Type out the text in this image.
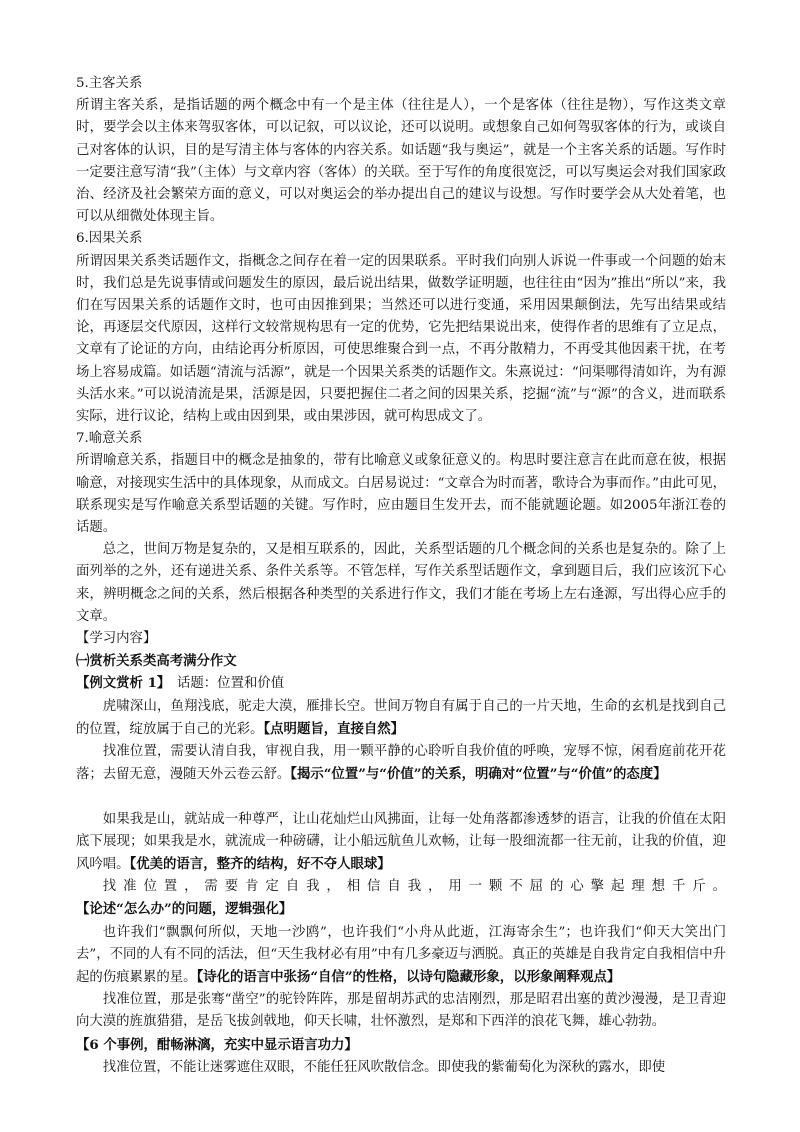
5.主客关系

所谓主客关系，是指话题的两个概念中有一个是主体（往往是人），一个是客体（往往是物），写作这类文章时，要学会以主体来驾驭客体，可以记叙，可以议论，还可以说明。或想象自己如何驾驭客体的行为，或谈自己对客体的认识，目的是写清主体与客体的内容关系。如话题“我与奥运”，就是一个主客关系的话题。写作时一定要注意写清“我”（主体）与文章内容（客体）的关联。至于写作的角度很宽泛，可以写奥运会对我们国家政治、经济及社会繁荣方面的意义，可以对奥运会的举办提出自己的建议与设想。写作时要学会从大处着笔，也可以从细微处体现主旨。

6.因果关系

所谓因果关系类话题作文，指概念之间存在着一定的因果联系。平时我们向别人诉说一件事或一个问题的始末时，我们总是先说事情或问题发生的原因，最后说出结果，做数学证明题，也往往由“因为”推出“所以”来，我们在写因果关系的话题作文时，也可由因推到果；当然还可以进行变通，采用因果颠倒法，先写出结果或结论，再逐层交代原因，这样行文较常规构思有一定的优势，它先把结果说出来，使得作者的思维有了立足点，文章有了论证的方向，由结论再分析原因，可使思维聚合到一点，不再分散精力，不再受其他因素干扰，在考场上容易成篇。如话题“清流与活源”，就是一个因果关系类的话题作文。朱熹说过：“问渠哪得清如许，为有源头活水来。”可以说清流是果，活源是因，只要把握住二者之间的因果关系，挖掘“流”与“源”的含义，进而联系实际，进行议论，结构上或由因到果，或由果涉因，就可构思成文了。

7.喻意关系

所谓喻意关系，指题目中的概念是抽象的，带有比喻意义或象征意义的。构思时要注意言在此而意在彼，根据喻意，对接现实生活中的具体现象，从而成文。白居易说过：“文章合为时而著，歌诗合为事而作。”由此可见，联系现实是写作喻意关系型话题的关键。写作时，应由题目生发开去，而不能就题论题。如2005年浙江卷的话题。

总之，世间万物是复杂的，又是相互联系的，因此，关系型话题的几个概念间的关系也是复杂的。除了上面列举的之外，还有递进关系、条件关系等。不管怎样，写作关系型话题作文，拿到题目后，我们应该沉下心来，辨明概念之间的关系，然后根据各种类型的关系进行作文，我们才能在考场上左右逢源，写出得心应手的文章。

【学习内容】

㈠赏析关系类高考满分作文

【例文赏析 1】　话题：位置和价值

虎啸深山，鱼翔浅底，驼走大漠，雁排长空。世间万物自有属于自己的一片天地，生命的玄机是找到自己的位置，绽放属于自己的光彩。【点明题旨，直接自然】

找准位置，需要认清自我，审视自我，用一颗平静的心聆听自我价值的呼唤，宠辱不惊，闲看庭前花开花落；去留无意，漫随天外云卷云舒。【揭示“位置”与“价值”的关系，明确对“位置”与“价值”的态度】

如果我是山，就站成一种尊严，让山花灿烂山风拂面，让每一处角落都渗透梦的语言，让我的价值在太阳底下展现；如果我是水，就流成一种磅礴，让小船远航鱼儿欢畅，让每一股细流都一往无前，让我的价值，迎风吟唱。【优美的语言，整齐的结构，好不夺人眼球】

找准位置，需要肯定自我，相信自我，用一颗不屈的心擎起理想千斤。【论述“怎么办”的问题，逻辑强化】

也许我们“飘飘何所似，天地一沙鸥”，也许我们“小舟从此逝，江海寄余生”；也许我们“仰天大笑出门去”，不同的人有不同的活法，但“天生我材必有用”中有几多豪迈与洒脱。真正的英雄是自我肯定自我相信中升起的伤痕累累的星。【诗化的语言中张扬“自信”的性格，以诗句隐藏形象，以形象阐释观点】

找准位置，那是张骞“凿空”的驼铃阵阵，那是留胡苏武的忠洁刚烈，那是昭君出塞的黄沙漫漫，是卫青迎向大漠的旌旗猎猎，是岳飞拔剑戟地，仰天长啸，壮怀激烈，是郑和下西洋的浪花飞舞，雄心勃勃。

【6 个事例，酣畅淋漓，充实中显示语言功力】

找准位置，不能让迷雾遮住双眼，不能任狂风吹散信念。即使我的紫葡萄化为深秋的露水，即使
